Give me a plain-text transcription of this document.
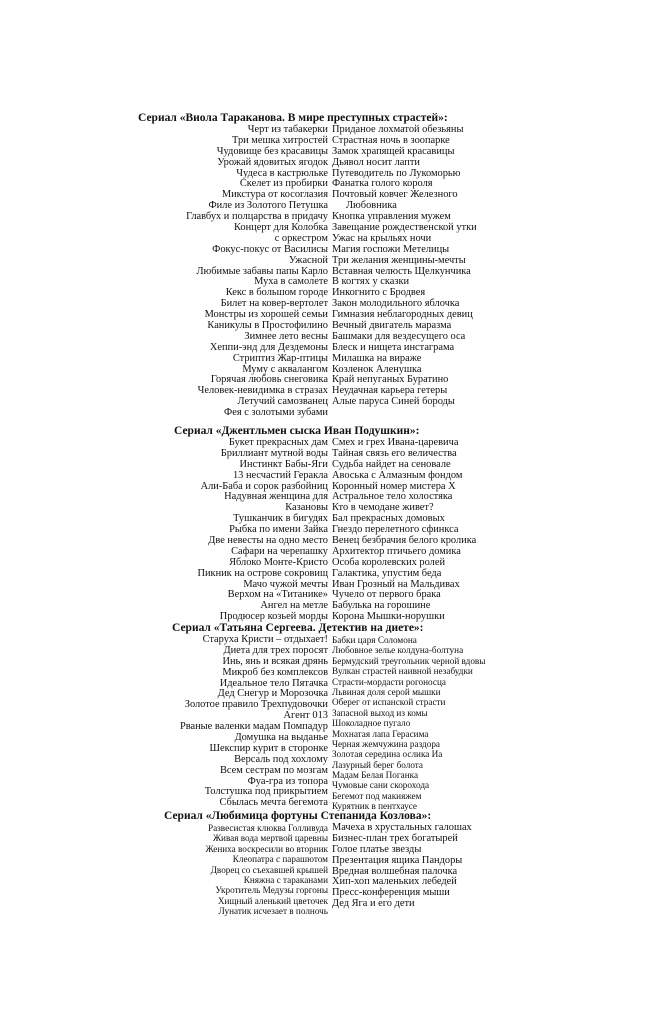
Сериал «Виола Тараканова. В мире преступных страстей»:
Черт из табакерки
Три мешка хитростей
Чудовище без красавицы
Урожай ядовитых ягодок
Чудеса в кастрюльке
Скелет из пробирки
Микстура от косоглазия
Филе из Золотого Петушка
Главбух и полцарства в придачу
Концерт для Колобка
с оркестром
Фокус-покус от Василисы
Ужасной
Любимые забавы папы Карло
Муха в самолете
Кекс в большом городе
Билет на ковер-вертолет
Монстры из хорошей семьи
Каникулы в Простофилино
Зимнее лето весны
Хеппи-энд для Дездемоны
Стриптиз Жар-птицы
Муму с аквалангом
Горячая любовь снеговика
Человек-невидимка в стразах
Летучий самозванец
Фея с золотыми зубами
Приданое лохматой обезьяны
Страстная ночь в зоопарке
Замок храпящей красавицы
Дьявол носит лапти
Путеводитель по Лукоморью
Фанатка голого короля
Почтовый ковчег Железного
Любовника
Кнопка управления мужем
Завещание рождественской утки
Ужас на крыльях ночи
Магия госпожи Метелицы
Три желания женщины-мечты
Вставная челюсть Щелкунчика
В когтях у сказки
Инкогнито с Бродвея
Закон молодильного яблочка
Гимназия неблагородных девиц
Вечный двигатель маразма
Башмаки для вездесущего оса
Блеск и нищета инстаграма
Милашка на вираже
Козленок Аленушка
Край непуганых Буратино
Неудачная карьера гетеры
Алые паруса Синей бороды
Сериал «Джентльмен сыска Иван Подушкин»:
Букет прекрасных дам
Бриллиант мутной воды
Инстинкт Бабы-Яги
13 несчастий Геракла
Али-Баба и сорок разбойниц
Надувная женщина для
Казановы
Тушканчик в бигудях
Рыбка по имени Зайка
Две невесты на одно место
Сафари на черепашку
Яблоко Монте-Кристо
Пикник на острове сокровищ
Мачо чужой мечты
Верхом на «Титанике»
Ангел на метле
Продюсер козьей морды
Смех и грех Ивана-царевича
Тайная связь его величества
Судьба найдет на сеновале
Авоська с Алмазным фондом
Коронный номер мистера Х
Астральное тело холостяка
Кто в чемодане живет?
Бал прекрасных домовых
Гнездо перелетного сфинкса
Венец безбрачия белого кролика
Архитектор птичьего домика
Особа королевских ролей
Галактика, упустим беда
Иван Грозный на Мальдивах
Чучело от первого брака
Бабулька на горошине
Корона Мышки-норушки
Сериал «Татьяна Сергеева. Детектив на диете»:
Старуха Кристи – отдыхает!
Диета для трех поросят
Инь, янь и всякая дрянь
Микроб без комплексов
Идеальное тело Пятачка
Дед Снегур и Морозочка
Золотое правило Трехпудовочки
Агент 013
Рваные валенки мадам Помпадур
Домушка на выданье
Шекспир курит в сторонке
Версаль под хохлому
Всем сестрам по мозгам
Фуа-гра из топора
Толстушка под прикрытием
Сбылась мечта бегемота
Бабки царя Соломона
Любовное зелье колдуна-болтуна
Бермудский треугольник черной вдовы
Вулкан страстей наивной незабудки
Страсти-мордасти рогоносца
Львиная доля серой мышки
Оберег от испанской страсти
Запасной выход из комы
Шоколадное пугало
Мохнатая лапа Герасима
Черная жемчужина раздора
Золотая середина ослика Иа
Лазурный берег болота
Мадам Белая Поганка
Чумовые сани скорохода
Бегемот под макияжем
Курятник в пентхаусе
Сериал «Любимица фортуны Степанида Козлова»:
Развесистая клюква Голливуда
Живая вода мертвой царевны
Жениха воскресили во вторник
Клеопатра с парашютом
Дворец со съехавшей крышей
Княжна с тараканами
Укротитель Медузы горгоны
Хищный аленький цветочек
Лунатик исчезает в полночь
Мачеха в хрустальных галошах
Бизнес-план трех богатырей
Голое платье звезды
Презентация ящика Пандоры
Вредная волшебная палочка
Хип-хоп маленьких лебедей
Пресс-конференция мыши
Дед Яга и его дети
